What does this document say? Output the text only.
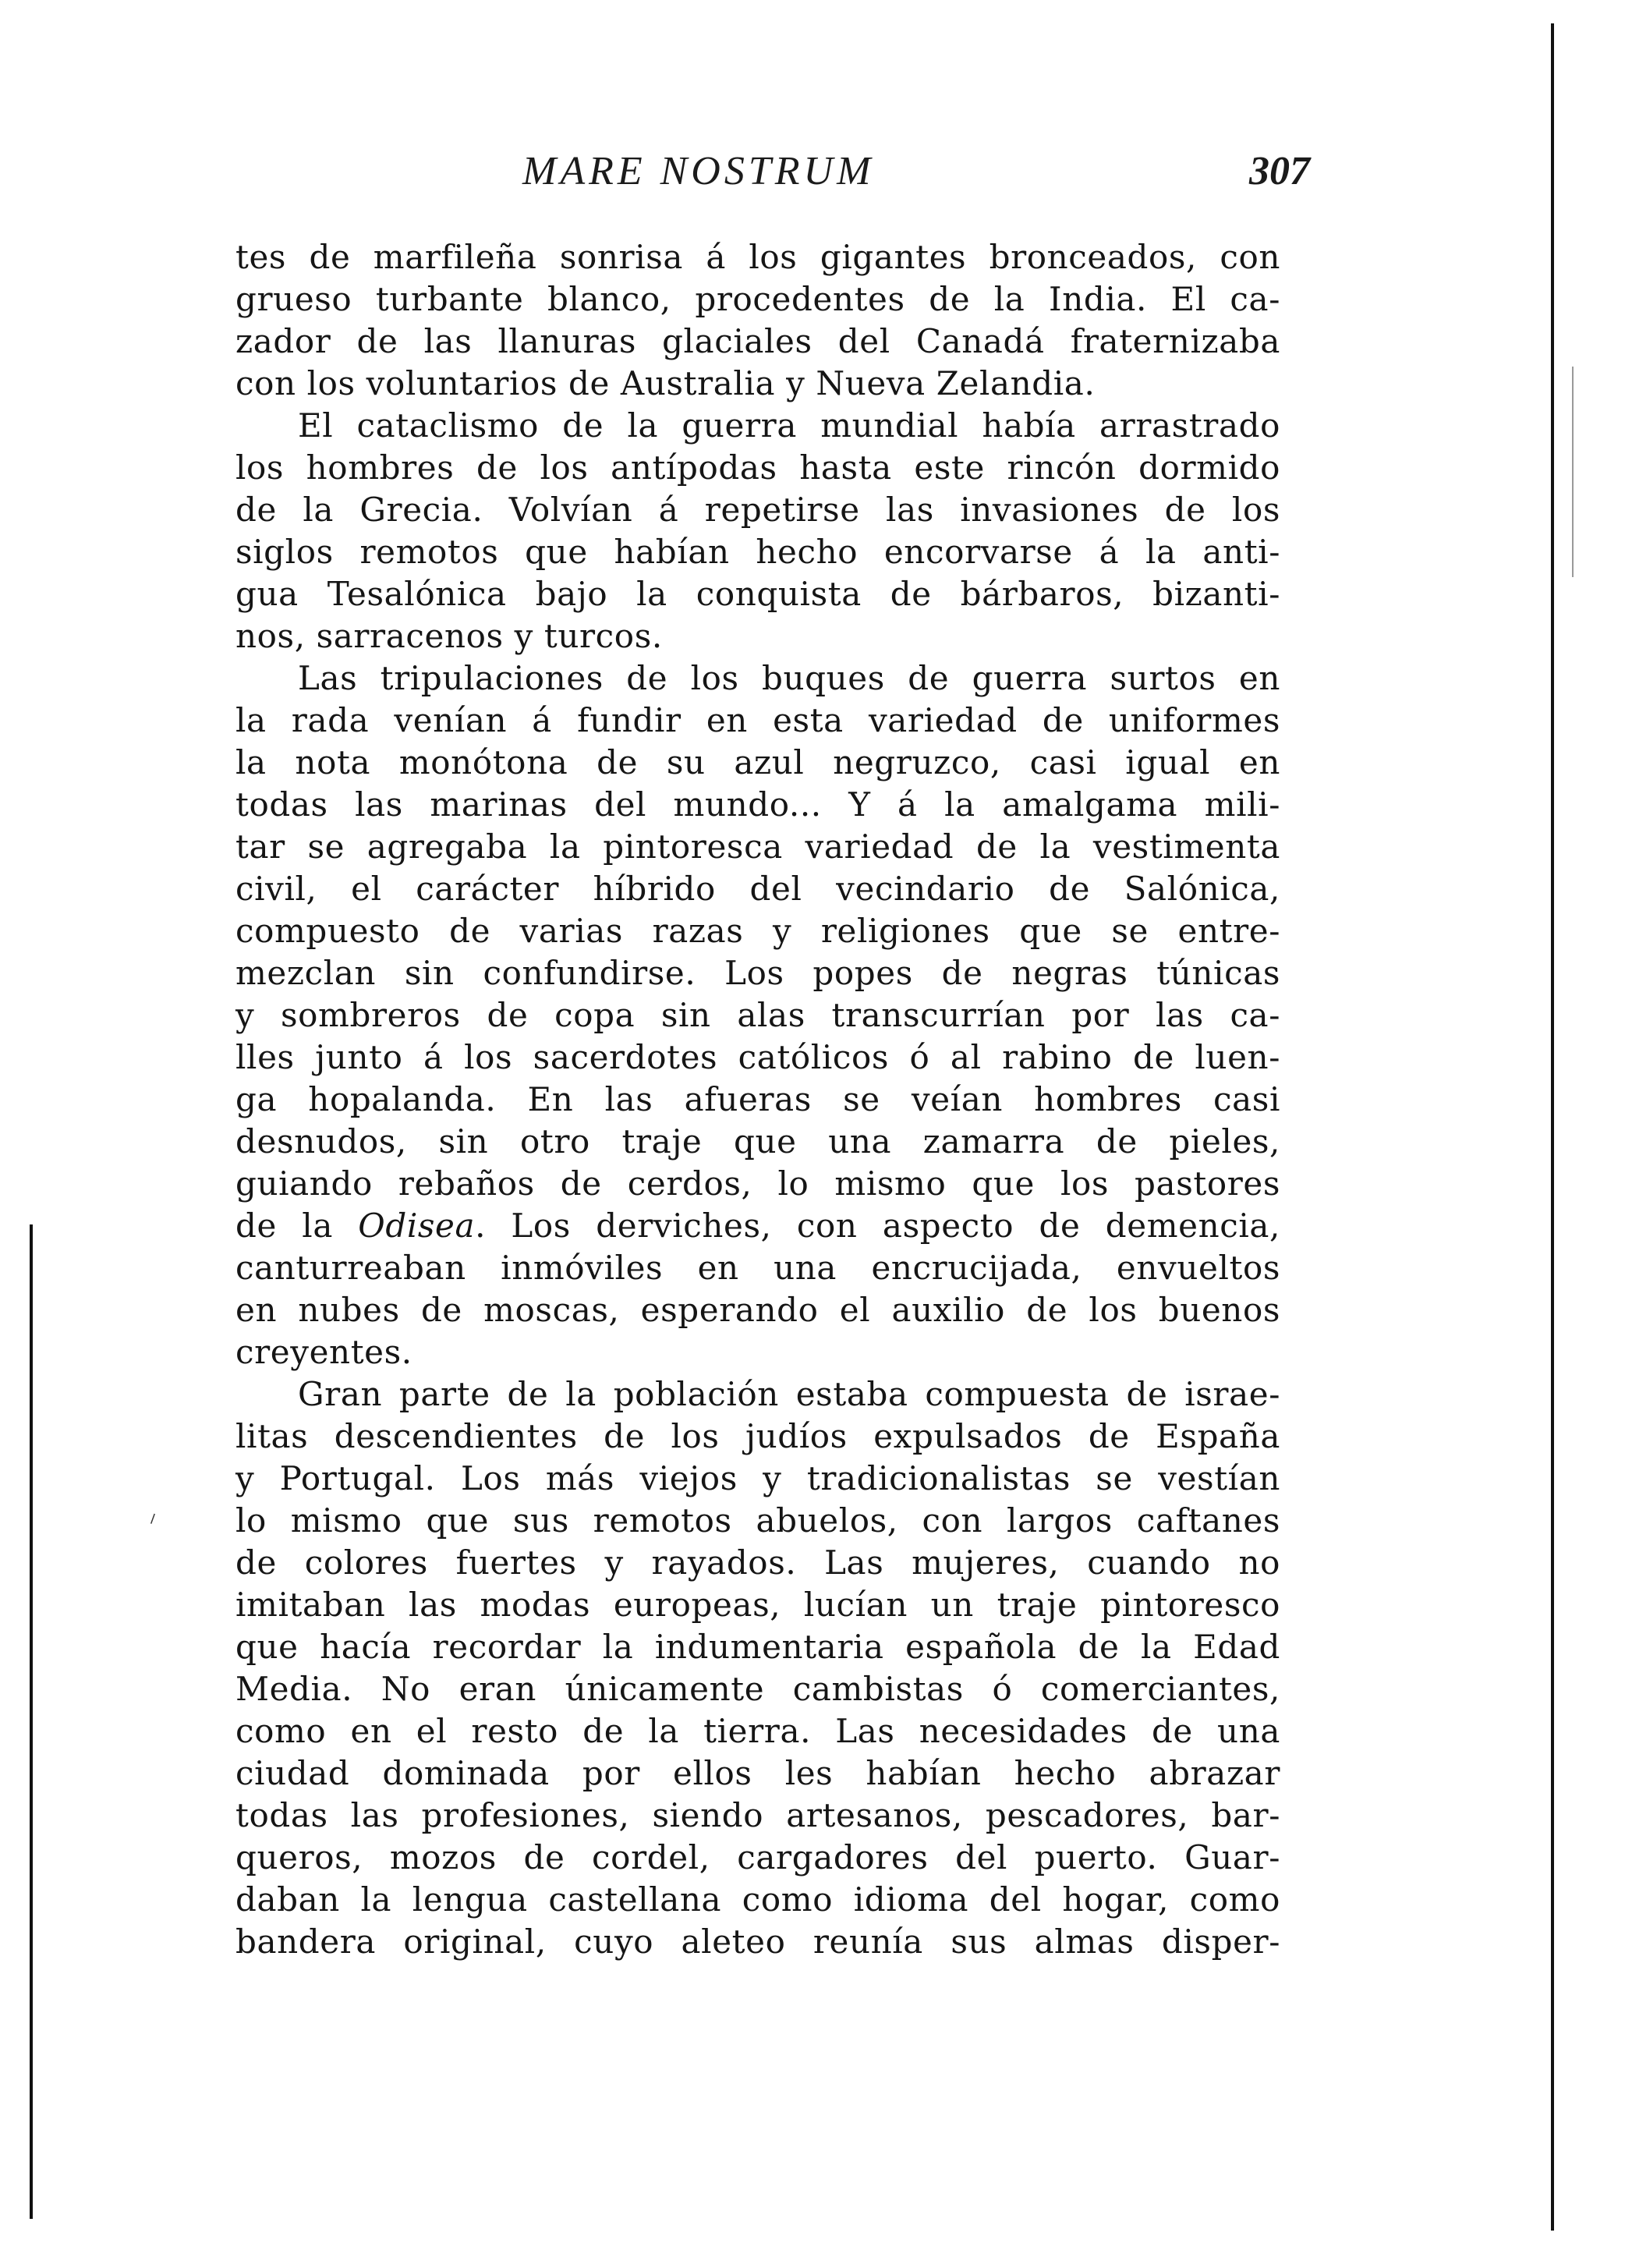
⸝
MARE NOSTRUM	307
tes de marfileña sonrisa á los gigantes bronceados, con
grueso turbante blanco, procedentes de la India. El ca-
zador de las llanuras glaciales del Canadá fraternizaba
con los voluntarios de Australia y Nueva Zelandia.
El cataclismo de la guerra mundial había arrastrado
los hombres de los antípodas hasta este rincón dormido
de la Grecia. Volvían á repetirse las invasiones de los
siglos remotos que habían hecho encorvarse á la anti-
gua Tesalónica bajo la conquista de bárbaros, bizanti-
nos, sarracenos y turcos.
Las tripulaciones de los buques de guerra surtos en
la rada venían á fundir en esta variedad de uniformes
la nota monótona de su azul negruzco, casi igual en
todas las marinas del mundo... Y á la amalgama mili-
tar se agregaba la pintoresca variedad de la vestimenta
civil, el carácter híbrido del vecindario de Salónica,
compuesto de varias razas y religiones que se entre-
mezclan sin confundirse. Los popes de negras túnicas
y sombreros de copa sin alas transcurrían por las ca-
lles junto á los sacerdotes católicos ó al rabino de luen-
ga hopalanda. En las afueras se veían hombres casi
desnudos, sin otro traje que una zamarra de pieles,
guiando rebaños de cerdos, lo mismo que los pastores
de la Odisea. Los derviches, con aspecto de demencia,
canturreaban inmóviles en una encrucijada, envueltos
en nubes de moscas, esperando el auxilio de los buenos
creyentes.
Gran parte de la población estaba compuesta de israe-
litas descendientes de los judíos expulsados de España
y Portugal. Los más viejos y tradicionalistas se vestían
lo mismo que sus remotos abuelos, con largos caftanes
de colores fuertes y rayados. Las mujeres, cuando no
imitaban las modas europeas, lucían un traje pintoresco
que hacía recordar la indumentaria española de la Edad
Media. No eran únicamente cambistas ó comerciantes,
como en el resto de la tierra. Las necesidades de una
ciudad dominada por ellos les habían hecho abrazar
todas las profesiones, siendo artesanos, pescadores, bar-
queros, mozos de cordel, cargadores del puerto. Guar-
daban la lengua castellana como idioma del hogar, como
bandera original, cuyo aleteo reunía sus almas disper-
